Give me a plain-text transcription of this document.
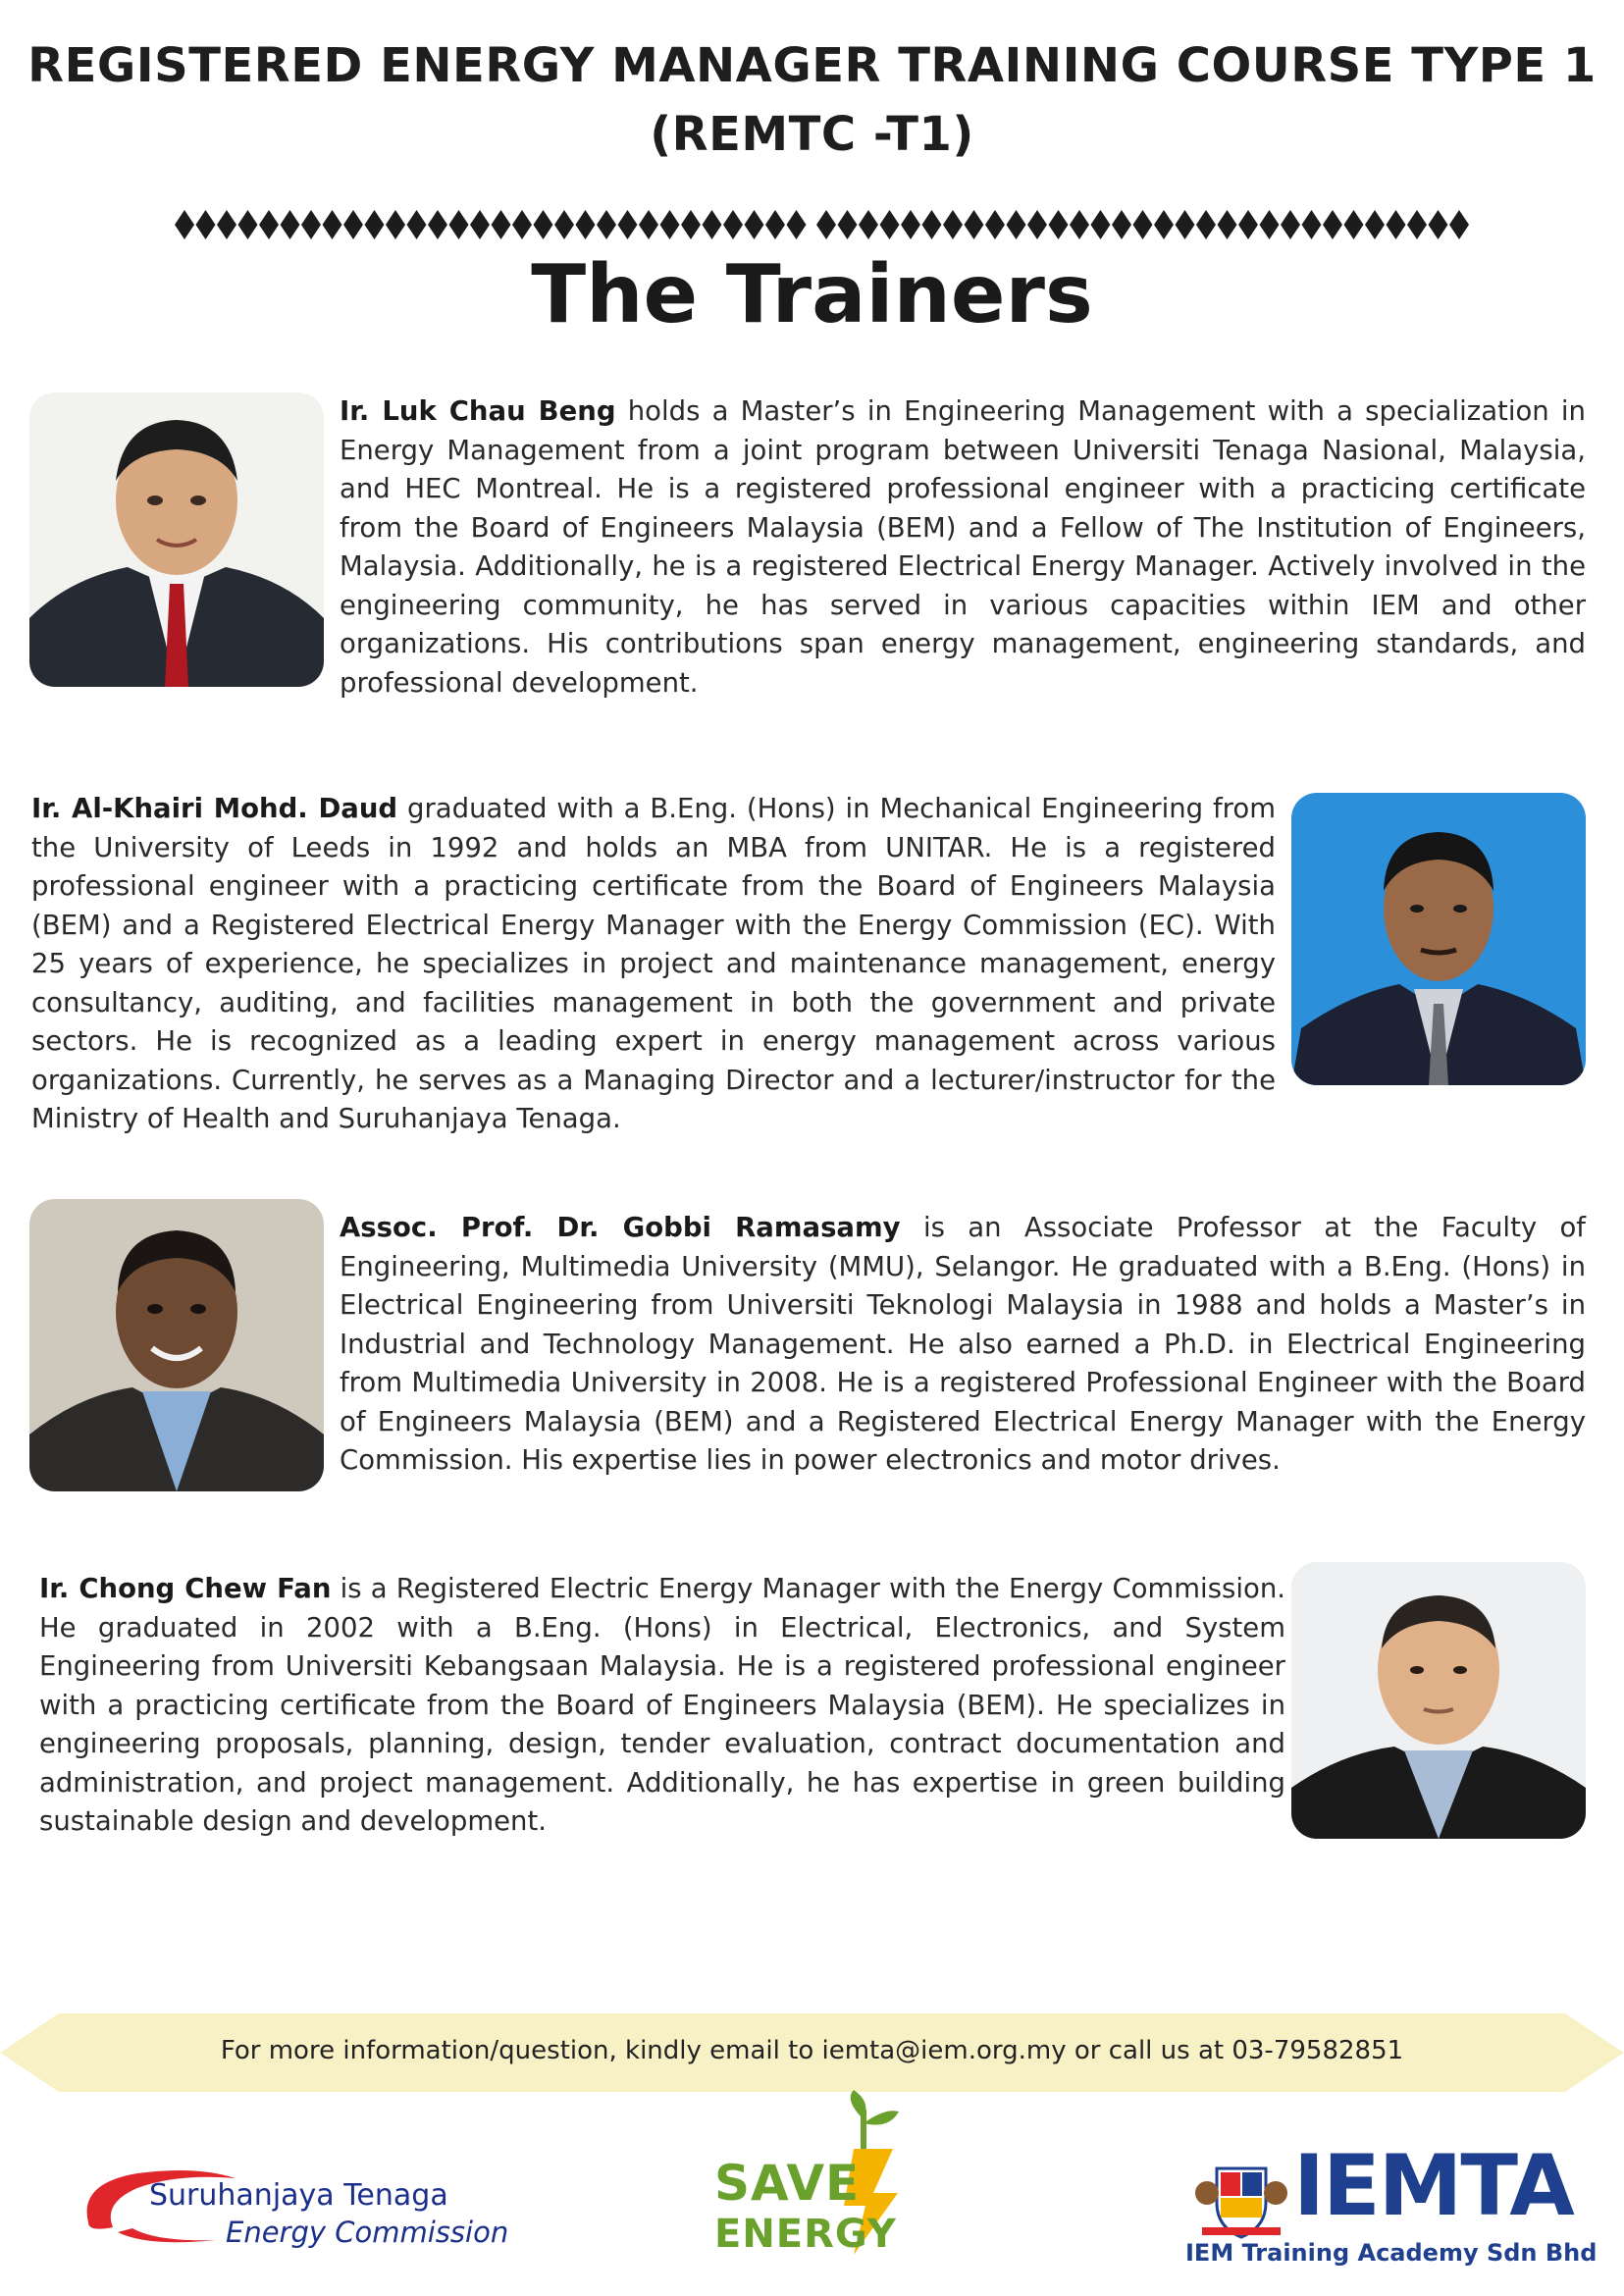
REGISTERED ENERGY MANAGER TRAINING COURSE TYPE 1
(REMTC -T1)
The Trainers

Ir. Luk Chau Beng holds a Master’s in Engineering Management with a specialization in Energy Management from a joint program between Universiti Tenaga Nasional, Malaysia, and HEC Montreal. He is a registered professional engineer with a practicing certificate from the Board of Engineers Malaysia (BEM) and a Fellow of The Institution of Engineers, Malaysia. Additionally, he is a registered Electrical Energy Manager. Actively involved in the engineering community, he has served in various capacities within IEM and other organizations. His contributions span energy management, engineering standards, and professional development.

Ir. Al-Khairi Mohd. Daud graduated with a B.Eng. (Hons) in Mechanical Engineering from the University of Leeds in 1992 and holds an MBA from UNITAR. He is a registered professional engineer with a practicing certificate from the Board of Engineers Malaysia (BEM) and a Registered Electrical Energy Manager with the Energy Commission (EC). With 25 years of experience, he specializes in project and maintenance management, energy consultancy, auditing, and facilities management in both the government and private sectors. He is recognized as a leading expert in energy management across various organizations. Currently, he serves as a Managing Director and a lecturer/instructor for the Ministry of Health and Suruhanjaya Tenaga.

Assoc. Prof. Dr. Gobbi Ramasamy is an Associate Professor at the Faculty of Engineering, Multimedia University (MMU), Selangor. He graduated with a B.Eng. (Hons) in Electrical Engineering from Universiti Teknologi Malaysia in 1988 and holds a Master’s in Industrial and Technology Management. He also earned a Ph.D. in Electrical Engineering from Multimedia University in 2008. He is a registered Professional Engineer with the Board of Engineers Malaysia (BEM) and a Registered Electrical Energy Manager with the Energy Commission. His expertise lies in power electronics and motor drives.

Ir. Chong Chew Fan is a Registered Electric Energy Manager with the Energy Commission. He graduated in 2002 with a B.Eng. (Hons) in Electrical, Electronics, and System Engineering from Universiti Kebangsaan Malaysia. He is a registered professional engineer with a practicing certificate from the Board of Engineers Malaysia (BEM). He specializes in engineering proposals, planning, design, tender evaluation, contract documentation and administration, and project management. Additionally, he has expertise in green building sustainable design and development.

For more information/question, kindly email to iemta@iem.org.my or call us at 03-79582851
Suruhanjaya Tenaga
Energy Commission
SAVE
ENERGY	IEMTA
IEM Training Academy Sdn Bhd
